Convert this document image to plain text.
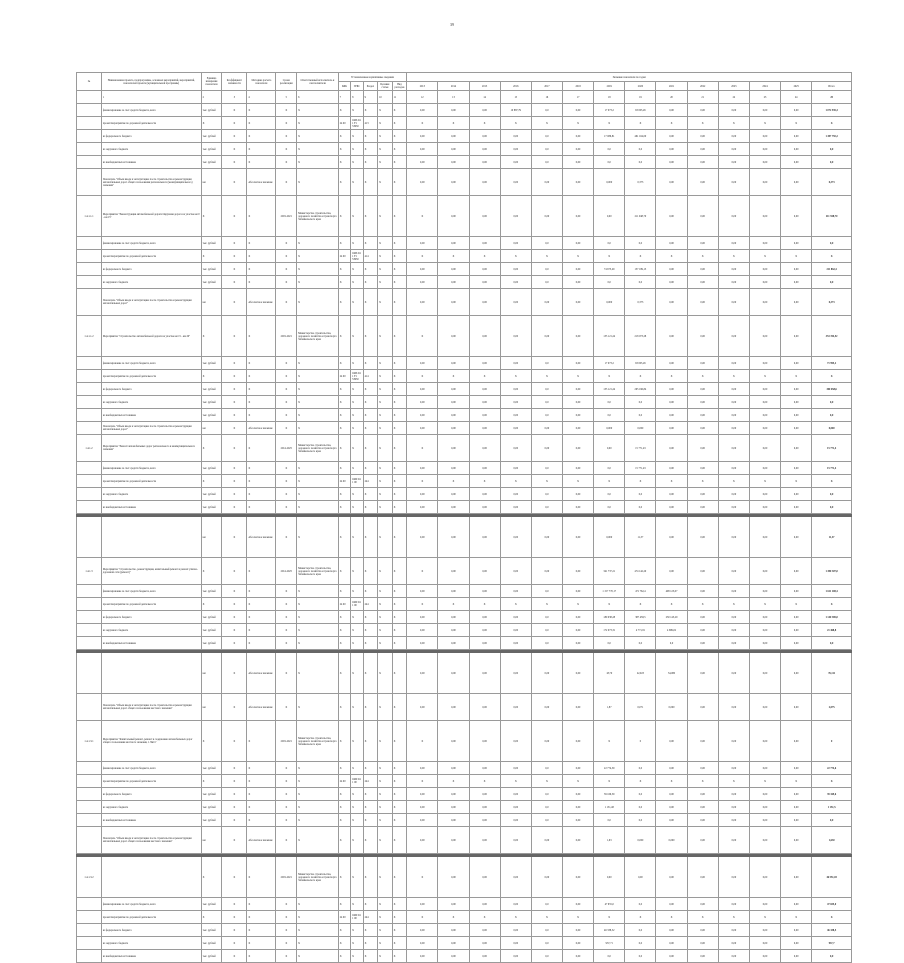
39
№	Наименование проекта, подпрограммы, основных мероприятий, мероприятий, показателей проекта (муниципальной программы)	Единица измерения показателя	Коэффициент значимости	Методика расчета показателя	Сроки реализации	Ответственный исполнитель и соисполнители	Установленные нормативные сведения					Значение показателя по годам													
							КБК	ГРБС	Раздел	Целевая статья	Вид расходов	2013	2014	2015	2016	2017	2018	2019	2020	2021	2022	2023	2024	2025	Итого
	1	2	3	4	5	6	7	8	9	10	11	12	13	14	15	16	17	18	19	20	21	22	23	24	25
	финансирование за счет средств бюджета, всего	тыс. рублей	X	X	X	X	X	X	X	X	X	0,00	0,00	0,00	10 887,79	0,0	0,00	17 073,2	63 003,26	0,00	0,00	0,00	0,00	0,00	1 072 935,3
	проект/мероприятие по дорожной деятельности	X	X	X	X	X	24 00	0406 04 1 F1 53930	413	X	X	X	X	X	X	X	X	X	X	X	X	X	X	X	X
	из федерального бюджета	тыс. рублей	X	X	X	X	X	X	X	X	X	0,00	0,00	0,00	0,00	0,0	0,00	17 086,81	461 164,00	0,00	0,00	0,00	0,00	0,00	1 497 792,2
	из окружного бюджета	тыс. рублей	X	X	X	X	X	X	X	X	X	0,00	0,00	0,00	0,00	0,0	0,00	0,0	0,0	0,00	0,00	0,00	0,00	0,00	0,0
	из внебюджетных источников	тыс. рублей	X	X	X	X	X	X	X	X	X	0,00	0,00	0,00	0,00	0,0	0,00	0,0	0,0	0,00	0,00	0,00	0,00	0,00	0,0
	Показатель "Объем ввода в эксплуатацию после строительства и реконструкции автомобильных дорог общего пользования регионального (межмуниципального) значения"	км	X	Абсолютное значение	X	X	X	X	X	X	X	0,00	0,00	0,00	0,00	0,00	0,00	0,000	0,373	0,00	0,00	0,00	0,00	0,00	0,373
1.4.1.1.1	Мероприятие "Реконструкция автомобильной дороги Окружная дорога на участке км 0 - км 15"	X	X	X	2019-2021	Министерство строительства, дорожного хозяйства и транспорта Забайкальского края	X	X	X	X	X	X	0,00	0,00	0,00	0,00	0,00	0,00	211 948,70	0,00	0,00	0,00	0,00	0,00	211 948,70
	финансирование за счет средств бюджета, всего	тыс. рублей	X	X	X	X	X	X	X	X	X	0,00	0,00	0,00	0,00	0,0	0,00	0,0	0,0	0,00	0,00	0,00	0,00	0,00	0,0
	проект/мероприятие по дорожной деятельности	X	X	X	X	X	24 00	0406 04 1 F1 53930	414	X	X	X	X	X	X	X	X	X	X	X	X	X	X	X	X
	из федерального бюджета	тыс. рублей	X	X	X	X	X	X	X	X	X	0,00	0,00	0,00	0,00	0,0	0,00	74 673,29	137 189,13	0,00	0,00	0,00	0,00	0,00	211 862,4
	из окружного бюджета	тыс. рублей	X	X	X	X	X	X	X	X	X	0,00	0,00	0,00	0,00	0,0	0,00	0,0	0,0	0,00	0,00	0,00	0,00	0,00	0,0
	Показатель "Объем ввода в эксплуатацию после строительства и реконструкции автомобильных дорог"	км	X	Абсолютное значение	X	X	X	X	X	X	X	0,00	0,00	0,00	0,00	0,00	0,00	0,000	0,373	0,00	0,00	0,00	0,00	0,00	0,373
1.4.1.1.2	Мероприятие "Строительство автомобильной дороги на участке км 15 - км 26"	X	X	X	2019-2021	Министерство строительства, дорожного хозяйства и транспорта Забайкальского края	X	X	X	X	X	X	0,00	0,00	0,00	0,00	0,00	135 121,24	218 073,28	0,00	0,00	0,00	0,00	0,00	353 194,52
	финансирование за счет средств бюджета, всего	тыс. рублей	X	X	X	X	X	X	X	X	X	0,00	0,00	0,00	0,00	0,0	0,00	17 073,2	63 003,26	0,00	0,00	0,00	0,00	0,00	71 995,2
	проект/мероприятие по дорожной деятельности	X	X	X	X	X	24 00	0406 04 1 F1 53930	414	X	X	X	X	X	X	X	X	X	X	X	X	X	X	X	X
	из федерального бюджета	тыс. рублей	X	X	X	X	X	X	X	X	X	0,00	0,00	0,00	0,00	0,0	0,00	135 121,24	295 196,84	0,00	0,00	0,00	0,00	0,00	300 658,6
	из окружного бюджета	тыс. рублей	X	X	X	X	X	X	X	X	X	0,00	0,00	0,00	0,00	0,0	0,00	0,0	0,0	0,00	0,00	0,00	0,00	0,00	0,0
	из внебюджетных источников	тыс. рублей	X	X	X	X	X	X	X	X	X	0,00	0,00	0,00	0,00	0,0	0,00	0,0	0,0	0,00	0,00	0,00	0,00	0,00	0,0
	Показатель "Объем ввода в эксплуатацию после строительства и реконструкции автомобильных дорог"	км	X	Абсолютное значение	X	X	X	X	X	X	X	0,00	0,00	0,00	0,00	0,00	0,00	0,000	0,000	0,00	0,00	0,00	0,00	0,00	0,000
1.4.1.2	Мероприятие "Ремонт автомобильных дорог регионального и межмуниципального значения"	X	X	X	2014-2025	Министерство строительства, дорожного хозяйства и транспорта Забайкальского края	X	X	X	X	X	X	0,00	0,00	0,00	0,00	0,00	0,00	15 771,43	0,00	0,00	0,00	0,00	0,00	15 771,4
	финансирование за счет средств бюджета, всего	тыс. рублей	X	X	X	X	X	X	X	X	X	0,00	0,00	0,00	0,00	0,0	0,00	0,0	15 771,43	0,00	0,00	0,00	0,00	0,00	15 771,4
	проект/мероприятие по дорожной деятельности	X	X	X	X	X	24 00	0409 04 1 00	244	X	X	X	X	X	X	X	X	X	X	X	X	X	X	X	X
	из окружного бюджета	тыс. рублей	X	X	X	X	X	X	X	X	X	0,00	0,00	0,00	0,00	0,0	0,00	0,0	0,0	0,00	0,00	0,00	0,00	0,00	0,0
	из внебюджетных источников	тыс. рублей	X	X	X	X	X	X	X	X	X	0,00	0,00	0,00	0,00	0,0	0,00	0,0	0,0	0,00	0,00	0,00	0,00	0,00	0,0

		км	X	Абсолютное значение	X	X	X	X	X	X	X	0,00	0,00	0,00	0,00	0,00	0,00	0,000	11,37	0,00	0,00	0,00	0,00	0,00	11,37
1.4.1.3	Мероприятие "Строительство, реконструкция, капитальный ремонт и ремонт улично-дорожной сети (ремонт)"	X	X	X	2014-2025	Министерство строительства, дорожного хозяйства и транспорта Забайкальского края	X	X	X	X	X	X	0,00	0,00	0,00	0,00	0,00	341 737,21	474 142,20	0,00	0,00	0,00	0,00	0,00	1 490 307,0
	финансирование за счет средств бюджета, всего	тыс. рублей	X	X	X	X	X	X	X	X	X	0,00	0,00	0,00	0,00	0,0	0,00	1 157 770,17	471 762,4	498 123,07	0,00	0,00	0,00	0,00	1 611 108,4
	проект/мероприятие по дорожной деятельности	X	X	X	X	X	24 00	0409 04 1 00	244	X	X	X	X	X	X	X	X	X	X	X	X	X	X	X	X
	из федерального бюджета	тыс. рублей	X	X	X	X	X	X	X	X	X	0,00	0,00	0,00	0,00	0,0	0,00	180 038,28	387 438,5	230 143,29	0,00	0,00	0,00	0,00	1 140 385,0
	из окружного бюджета	тыс. рублей	X	X	X	X	X	X	X	X	X	0,00	0,00	0,00	0,00	0,0	0,00	172 073,31	4 771,81	4 689,02	0,00	0,00	0,00	0,00	21 468,8
	из внебюджетных источников	тыс. рублей	X	X	X	X	X	X	X	X	X	0,00	0,00	0,00	0,00	0,0	0,00	0,0	0,0	0,0	0,00	0,00	0,00	0,00	0,0

		км	X	Абсолютное значение	X	X	X	X	X	X	X	0,00	0,00	0,00	0,00	0,00	0,00	18,70	22,923	34,080	0,00	0,00	0,00	0,00	76,111
	Показатель "Объем ввода в эксплуатацию после строительства и реконструкции автомобильных дорог общего пользования местного значения"	км	X	Абсолютное значение	X	X	X	X	X	X	X	0,00	0,00	0,00	0,00	0,00	0,00	1,87	0,071	0,000	0,00	0,00	0,00	0,00	2,075
1.4.1.3.1	Мероприятие "Капитальный ремонт, ремонт и содержание автомобильных дорог общего пользования местного значения, г. Чита"	X	X	X	2019-2021	Министерство строительства, дорожного хозяйства и транспорта Забайкальского края	X	X	X	X	X	X	0,00	0,00	0,00	0,00	0,00	X	0	0,00	0,00	0,00	0,00	0,00	0
	финансирование за счет средств бюджета, всего	тыс. рублей	X	X	X	X	X	X	X	X	X	0,00	0,00	0,00	0,00	0,0	0,00	22 774,59	0,0	0,00	0,00	0,00	0,00	0,00	22 774,6
	проект/мероприятие по дорожной деятельности	X	X	X	X	X	24 00	0409 04 1 00	244	X	X	X	X	X	X	X	X	X	X	X	X	X	X	X	X
	из федерального бюджета	тыс. рублей	X	X	X	X	X	X	X	X	X	0,00	0,00	0,00	0,00	0,0	0,00	39 169,59	0,0	0,00	0,00	0,00	0,00	0,00	39 169,6
	из окружного бюджета	тыс. рублей	X	X	X	X	X	X	X	X	X	0,00	0,00	0,00	0,00	0,0	0,00	1 151,48	0,0	0,00	0,00	0,00	0,00	0,00	1 151,5
	из внебюджетных источников	тыс. рублей	X	X	X	X	X	X	X	X	X	0,00	0,00	0,00	0,00	0,0	0,00	0,0	0,0	0,00	0,00	0,00	0,00	0,00	0,0
	Показатель "Объем ввода в эксплуатацию после строительства и реконструкции автомобильных дорог общего пользования местного значения"	км	X	Абсолютное значение	X	X	X	X	X	X	X	0,00	0,00	0,00	0,00	0,00	0,00	1,63	0,000	0,000	0,00	0,00	0,00	0,00	1,630

1.4.1.3.2		X	X	X	2019-2021	Министерство строительства, дорожного хозяйства и транспорта Забайкальского края	X	X	X	X	X	X	0,00	0,00	0,00	0,00	0,00	0,00	0,00	0,00	0,00	0,00	0,00	0,00	46 551,03
	финансирование за счет средств бюджета, всего	тыс. рублей	X	X	X	X	X	X	X	X	X	0,00	0,00	0,00	0,00	0,0	0,00	47 655,0	0,0	0,00	0,00	0,00	0,00	0,00	47 655,0
	проект/мероприятие по дорожной деятельности	X	X	X	X	X	24 00	0409 04 1 00	244	X	X	X	X	X	X	X	X	X	X	X	X	X	X	X	X
	из федерального бюджета	тыс. рублей	X	X	X	X	X	X	X	X	X	0,00	0,00	0,00	0,00	0,0	0,00	46 338,52	0,0	0,00	0,00	0,00	0,00	0,00	46 338,5
	из окружного бюджета	тыс. рублей	X	X	X	X	X	X	X	X	X	0,00	0,00	0,00	0,00	0,0	0,00	937,71	0,0	0,00	0,00	0,00	0,00	0,00	937,7
	из внебюджетных источников	тыс. рублей	X	X	X	X	X	X	X	X	X	0,00	0,00	0,00	0,00	0,0	0,00	0,0	0,0	0,00	0,00	0,00	0,00	0,00	0,0
